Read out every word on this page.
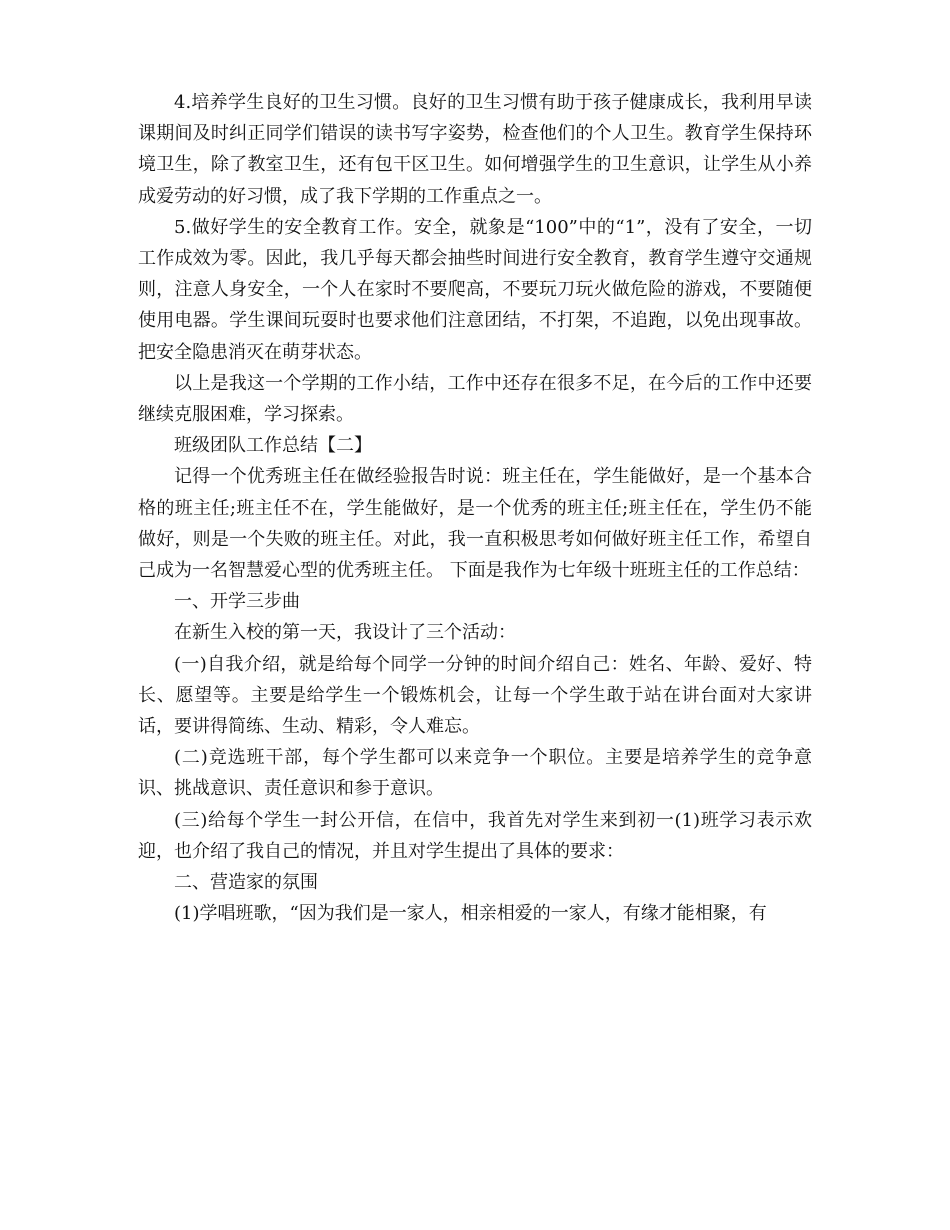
4.培养学生良好的卫生习惯。良好的卫生习惯有助于孩子健康成长，我利用早读课期间及时纠正同学们错误的读书写字姿势，检查他们的个人卫生。教育学生保持环境卫生，除了教室卫生，还有包干区卫生。如何增强学生的卫生意识，让学生从小养成爱劳动的好习惯，成了我下学期的工作重点之一。

5.做好学生的安全教育工作。安全，就象是“100”中的“1”，没有了安全，一切工作成效为零。因此，我几乎每天都会抽些时间进行安全教育，教育学生遵守交通规则，注意人身安全，一个人在家时不要爬高，不要玩刀玩火做危险的游戏，不要随便使用电器。学生课间玩耍时也要求他们注意团结，不打架，不追跑，以免出现事故。把安全隐患消灭在萌芽状态。

以上是我这一个学期的工作小结，工作中还存在很多不足，在今后的工作中还要继续克服困难，学习探索。

班级团队工作总结【二】

记得一个优秀班主任在做经验报告时说：班主任在，学生能做好，是一个基本合格的班主任;班主任不在，学生能做好，是一个优秀的班主任;班主任在，学生仍不能做好，则是一个失败的班主任。对此，我一直积极思考如何做好班主任工作，希望自己成为一名智慧爱心型的优秀班主任。 下面是我作为七年级十班班主任的工作总结：

一、开学三步曲

在新生入校的第一天，我设计了三个活动：

(一)自我介绍，就是给每个同学一分钟的时间介绍自己：姓名、年龄、爱好、特长、愿望等。主要是给学生一个锻炼机会，让每一个学生敢于站在讲台面对大家讲话，要讲得简练、生动、精彩，令人难忘。

(二)竞选班干部，每个学生都可以来竞争一个职位。主要是培养学生的竞争意识、挑战意识、责任意识和参于意识。

(三)给每个学生一封公开信，在信中，我首先对学生来到初一(1)班学习表示欢迎，也介绍了我自己的情况，并且对学生提出了具体的要求：

二、营造家的氛围

(1)学唱班歌，“因为我们是一家人，相亲相爱的一家人，有缘才能相聚，有
